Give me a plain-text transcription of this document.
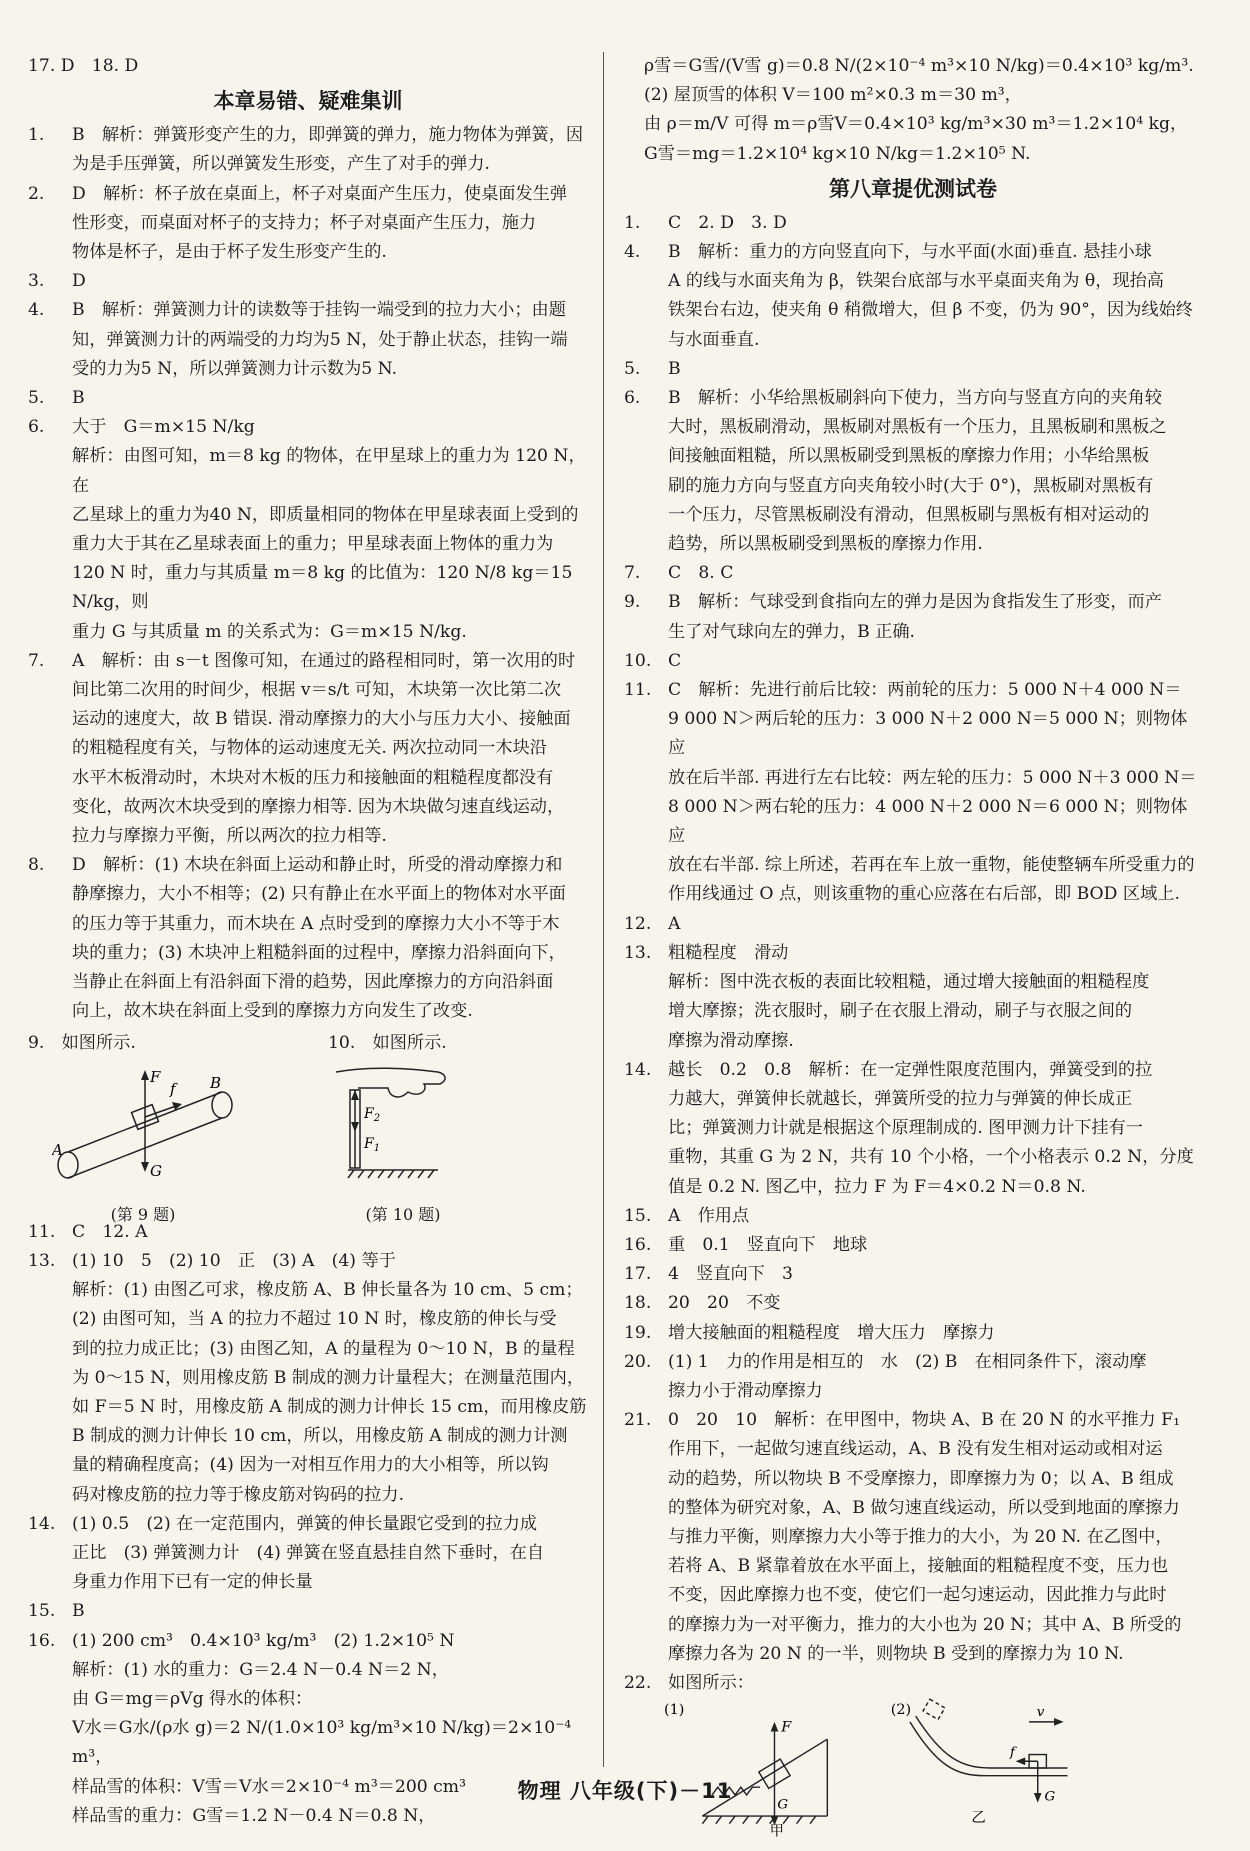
17. D　18. D
本章易错、疑难集训
1.	B　解析：弹簧形变产生的力，即弹簧的弹力，施力物体为弹簧，因
为是手压弹簧，所以弹簧发生形变，产生了对手的弹力.
2.	D　解析：杯子放在桌面上，杯子对桌面产生压力，使桌面发生弹
性形变，而桌面对杯子的支持力；杯子对桌面产生压力，施力
物体是杯子，是由于杯子发生形变产生的.
3.	D
4.	B　解析：弹簧测力计的读数等于挂钩一端受到的拉力大小；由题
知，弹簧测力计的两端受的力均为5 N，处于静止状态，挂钩一端
受的力为5 N，所以弹簧测力计示数为5 N.
5.	B
6.	大于　G＝m×15 N/kg
解析：由图可知，m＝8 kg 的物体，在甲星球上的重力为 120 N，在
乙星球上的重力为40 N，即质量相同的物体在甲星球表面上受到的
重力大于其在乙星球表面上的重力；甲星球表面上物体的重力为
120 N 时，重力与其质量 m＝8 kg 的比值为：120 N/8 kg＝15 N/kg，则
重力 G 与其质量 m 的关系式为：G＝m×15 N/kg.
7.	A　解析：由 s－t 图像可知，在通过的路程相同时，第一次用的时
间比第二次用的时间少，根据 v＝s/t 可知，木块第一次比第二次
运动的速度大，故 B 错误. 滑动摩擦力的大小与压力大小、接触面
的粗糙程度有关，与物体的运动速度无关. 两次拉动同一木块沿
水平木板滑动时，木块对木板的压力和接触面的粗糙程度都没有
变化，故两次木块受到的摩擦力相等. 因为木块做匀速直线运动，
拉力与摩擦力平衡，所以两次的拉力相等.
8.	D　解析：(1) 木块在斜面上运动和静止时，所受的滑动摩擦力和
静摩擦力，大小不相等；(2) 只有静止在水平面上的物体对水平面
的压力等于其重力，而木块在 A 点时受到的摩擦力大小不等于木
块的重力；(3) 木块冲上粗糙斜面的过程中，摩擦力沿斜面向下，
当静止在斜面上有沿斜面下滑的趋势，因此摩擦力的方向沿斜面
向上，故木块在斜面上受到的摩擦力方向发生了改变.
9.　如图所示.	10.　如图所示.
F
f B
A
G
(第 9 题)
$F_2$
$F_1$
(第 10 题)
11. C　12. A
13. (1) 10　5　(2) 10　正　(3) A　(4) 等于
解析：(1) 由图乙可求，橡皮筋 A、B 伸长量各为 10 cm、5 cm；
(2) 由图可知，当 A 的拉力不超过 10 N 时，橡皮筋的伸长与受
到的拉力成正比；(3) 由图乙知，A 的量程为 0～10 N，B 的量程
为 0～15 N，则用橡皮筋 B 制成的测力计量程大；在测量范围内，
如 F＝5 N 时，用橡皮筋 A 制成的测力计伸长 15 cm，而用橡皮筋
B 制成的测力计伸长 10 cm，所以，用橡皮筋 A 制成的测力计测
量的精确程度高；(4) 因为一对相互作用力的大小相等，所以钩
码对橡皮筋的拉力等于橡皮筋对钩码的拉力.
14. (1) 0.5　(2) 在一定范围内，弹簧的伸长量跟它受到的拉力成
正比　(3) 弹簧测力计　(4) 弹簧在竖直悬挂自然下垂时，在自
身重力作用下已有一定的伸长量
15. B
16. (1) 200 cm³　0.4×10³ kg/m³　(2) 1.2×10⁵ N
解析：(1) 水的重力：G＝2.4 N－0.4 N＝2 N，
由 G＝mg＝ρVg 得水的体积：
V水＝G水/(ρ水 g)＝2 N/(1.0×10³ kg/m³×10 N/kg)＝2×10⁻⁴ m³，
样品雪的体积：V雪＝V水＝2×10⁻⁴ m³＝200 cm³
样品雪的重力：G雪＝1.2 N－0.4 N＝0.8 N，
ρ雪＝G雪/(V雪 g)＝0.8 N/(2×10⁻⁴ m³×10 N/kg)＝0.4×10³ kg/m³.
(2) 屋顶雪的体积 V＝100 m²×0.3 m＝30 m³，
由 ρ＝m/V 可得 m＝ρ雪V＝0.4×10³ kg/m³×30 m³＝1.2×10⁴ kg，
G雪＝mg＝1.2×10⁴ kg×10 N/kg＝1.2×10⁵ N.
第八章提优测试卷
1.	C　2. D　3. D
4.	B　解析：重力的方向竖直向下，与水平面(水面)垂直. 悬挂小球
A 的线与水面夹角为 β，铁架台底部与水平桌面夹角为 θ，现抬高
铁架台右边，使夹角 θ 稍微增大，但 β 不变，仍为 90°，因为线始终
与水面垂直.
5.	B
6.	B　解析：小华给黑板刷斜向下使力，当方向与竖直方向的夹角较
大时，黑板刷滑动，黑板刷对黑板有一个压力，且黑板刷和黑板之
间接触面粗糙，所以黑板刷受到黑板的摩擦力作用；小华给黑板
刷的施力方向与竖直方向夹角较小时(大于 0°)，黑板刷对黑板有
一个压力，尽管黑板刷没有滑动，但黑板刷与黑板有相对运动的
趋势，所以黑板刷受到黑板的摩擦力作用.
7.	C　8. C
9.	B　解析：气球受到食指向左的弹力是因为食指发生了形变，而产
生了对气球向左的弹力，B 正确.
10. C
11. C　解析：先进行前后比较：两前轮的压力：5 000 N＋4 000 N＝
9 000 N＞两后轮的压力：3 000 N＋2 000 N＝5 000 N；则物体应
放在后半部. 再进行左右比较：两左轮的压力：5 000 N＋3 000 N＝
8 000 N＞两右轮的压力：4 000 N＋2 000 N＝6 000 N；则物体应
放在右半部. 综上所述，若再在车上放一重物，能使整辆车所受重力的
作用线通过 O 点，则该重物的重心应落在右后部，即 BOD 区域上.
12. A
13. 粗糙程度　滑动
解析：图中洗衣板的表面比较粗糙，通过增大接触面的粗糙程度
增大摩擦；洗衣服时，刷子在衣服上滑动，刷子与衣服之间的
摩擦为滑动摩擦.
14. 越长　0.2　0.8　解析：在一定弹性限度范围内，弹簧受到的拉
力越大，弹簧伸长就越长，弹簧所受的拉力与弹簧的伸长成正
比；弹簧测力计就是根据这个原理制成的. 图甲测力计下挂有一
重物，其重 G 为 2 N，共有 10 个小格，一个小格表示 0.2 N，分度
值是 0.2 N. 图乙中，拉力 F 为 F＝4×0.2 N＝0.8 N.
15. A　作用点
16. 重　0.1　竖直向下　地球
17. 4　竖直向下　3
18. 20　20　不变
19. 增大接触面的粗糙程度　增大压力　摩擦力
20. (1) 1　力的作用是相互的　水　(2) B　在相同条件下，滚动摩
擦力小于滑动摩擦力
21. 0　20　10　解析：在甲图中，物块 A、B 在 20 N 的水平推力 F₁
作用下，一起做匀速直线运动，A、B 没有发生相对运动或相对运
动的趋势，所以物块 B 不受摩擦力，即摩擦力为 0；以 A、B 组成
的整体为研究对象，A、B 做匀速直线运动，所以受到地面的摩擦力
与推力平衡，则摩擦力大小等于推力的大小，为 20 N. 在乙图中，
若将 A、B 紧靠着放在水平面上，接触面的粗糙程度不变，压力也
不变，因此摩擦力也不变，使它们一起匀速运动，因此推力与此时
的摩擦力为一对平衡力，推力的大小也为 20 N；其中 A、B 所受的
摩擦力各为 20 N 的一半，则物块 B 受到的摩擦力为 10 N.
22. 如图所示：
(1)	(2)
F
G
甲
v
f
G
乙
物理 八年级(下)－11
